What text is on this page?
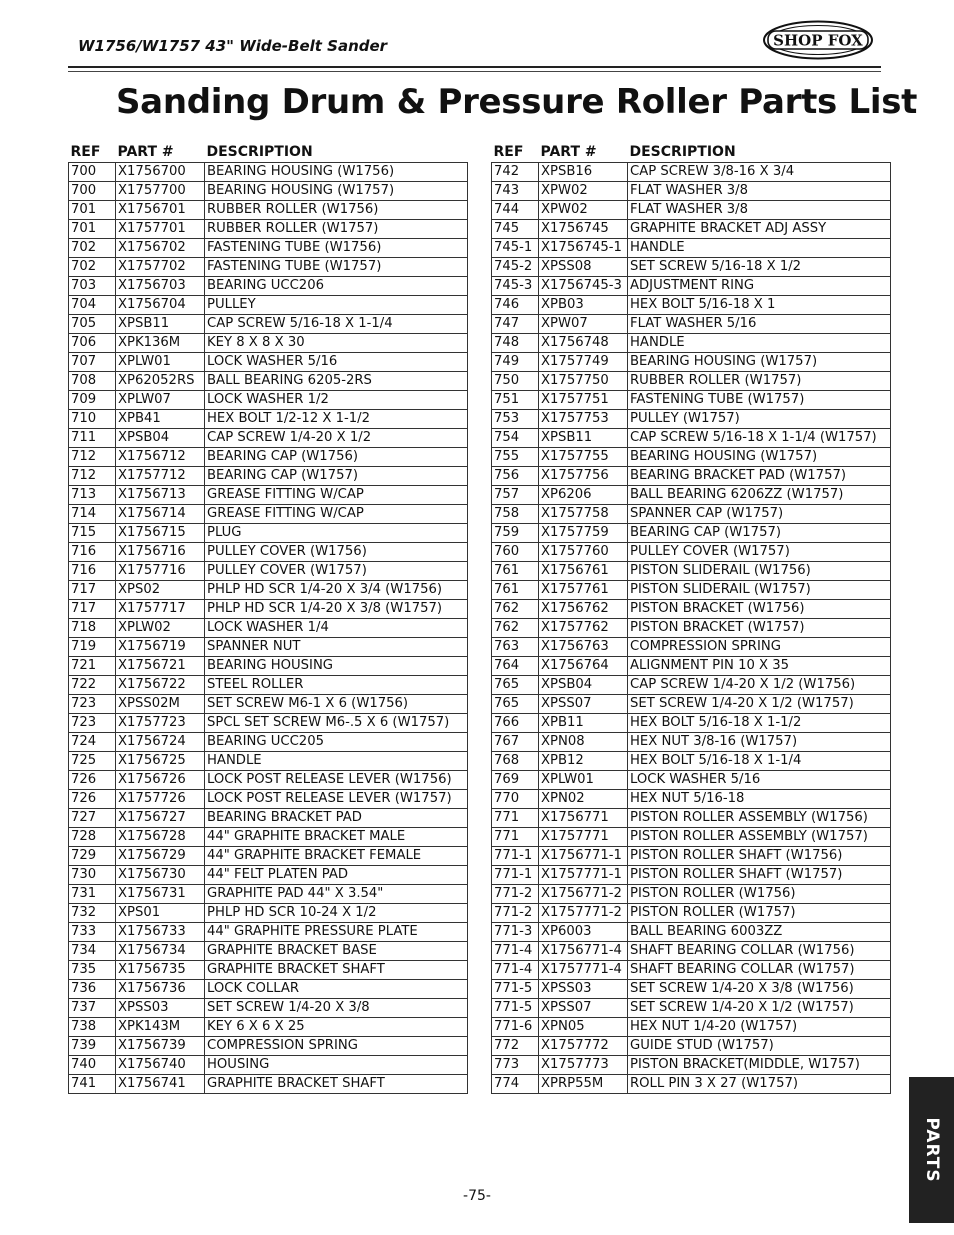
W1756/W1757 43" Wide-Belt Sander	SHOP FOX
Sanding Drum & Pressure Roller Parts List
REF	PART #	DESCRIPTION
700	X1756700	BEARING HOUSING (W1756)
700	X1757700	BEARING HOUSING (W1757)
701	X1756701	RUBBER ROLLER (W1756)
701	X1757701	RUBBER ROLLER (W1757)
702	X1756702	FASTENING TUBE (W1756)
702	X1757702	FASTENING TUBE (W1757)
703	X1756703	BEARING UCC206
704	X1756704	PULLEY
705	XPSB11	CAP SCREW 5/16-18 X 1-1/4
706	XPK136M	KEY 8 X 8 X 30
707	XPLW01	LOCK WASHER 5/16
708	XP62052RS	BALL BEARING 6205-2RS
709	XPLW07	LOCK WASHER 1/2
710	XPB41	HEX BOLT 1/2-12 X 1-1/2
711	XPSB04	CAP SCREW 1/4-20 X 1/2
712	X1756712	BEARING CAP (W1756)
712	X1757712	BEARING CAP (W1757)
713	X1756713	GREASE FITTING W/CAP
714	X1756714	GREASE FITTING W/CAP
715	X1756715	PLUG
716	X1756716	PULLEY COVER (W1756)
716	X1757716	PULLEY COVER (W1757)
717	XPS02	PHLP HD SCR 1/4-20 X 3/4 (W1756)
717	X1757717	PHLP HD SCR 1/4-20 X 3/8 (W1757)
718	XPLW02	LOCK WASHER 1/4
719	X1756719	SPANNER NUT
721	X1756721	BEARING HOUSING
722	X1756722	STEEL ROLLER
723	XPSS02M	SET SCREW M6-1 X 6 (W1756)
723	X1757723	SPCL SET SCREW M6-.5 X 6 (W1757)
724	X1756724	BEARING UCC205
725	X1756725	HANDLE
726	X1756726	LOCK POST RELEASE LEVER (W1756)
726	X1757726	LOCK POST RELEASE LEVER (W1757)
727	X1756727	BEARING BRACKET PAD
728	X1756728	44" GRAPHITE BRACKET MALE
729	X1756729	44" GRAPHITE BRACKET FEMALE
730	X1756730	44" FELT PLATEN PAD
731	X1756731	GRAPHITE PAD 44" X 3.54"
732	XPS01	PHLP HD SCR 10-24 X 1/2
733	X1756733	44" GRAPHITE PRESSURE PLATE
734	X1756734	GRAPHITE BRACKET BASE
735	X1756735	GRAPHITE BRACKET SHAFT
736	X1756736	LOCK COLLAR
737	XPSS03	SET SCREW 1/4-20 X 3/8
738	XPK143M	KEY 6 X 6 X 25
739	X1756739	COMPRESSION SPRING
740	X1756740	HOUSING
741	X1756741	GRAPHITE BRACKET SHAFT
REF	PART #	DESCRIPTION
742	XPSB16	CAP SCREW 3/8-16 X 3/4
743	XPW02	FLAT WASHER 3/8
744	XPW02	FLAT WASHER 3/8
745	X1756745	GRAPHITE BRACKET ADJ ASSY
745-1	X1756745-1	HANDLE
745-2	XPSS08	SET SCREW 5/16-18 X 1/2
745-3	X1756745-3	ADJUSTMENT RING
746	XPB03	HEX BOLT 5/16-18 X 1
747	XPW07	FLAT WASHER 5/16
748	X1756748	HANDLE
749	X1757749	BEARING HOUSING (W1757)
750	X1757750	RUBBER ROLLER (W1757)
751	X1757751	FASTENING TUBE (W1757)
753	X1757753	PULLEY (W1757)
754	XPSB11	CAP SCREW 5/16-18 X 1-1/4 (W1757)
755	X1757755	BEARING HOUSING (W1757)
756	X1757756	BEARING BRACKET PAD (W1757)
757	XP6206	BALL BEARING 6206ZZ (W1757)
758	X1757758	SPANNER CAP (W1757)
759	X1757759	BEARING CAP (W1757)
760	X1757760	PULLEY COVER (W1757)
761	X1756761	PISTON SLIDERAIL (W1756)
761	X1757761	PISTON SLIDERAIL (W1757)
762	X1756762	PISTON BRACKET (W1756)
762	X1757762	PISTON BRACKET (W1757)
763	X1756763	COMPRESSION SPRING
764	X1756764	ALIGNMENT PIN 10 X 35
765	XPSB04	CAP SCREW 1/4-20 X 1/2 (W1756)
765	XPSS07	SET SCREW 1/4-20 X 1/2 (W1757)
766	XPB11	HEX BOLT 5/16-18 X 1-1/2
767	XPN08	HEX NUT 3/8-16 (W1757)
768	XPB12	HEX BOLT 5/16-18 X 1-1/4
769	XPLW01	LOCK WASHER 5/16
770	XPN02	HEX NUT 5/16-18
771	X1756771	PISTON ROLLER ASSEMBLY (W1756)
771	X1757771	PISTON ROLLER ASSEMBLY (W1757)
771-1	X1756771-1	PISTON ROLLER SHAFT (W1756)
771-1	X1757771-1	PISTON ROLLER SHAFT (W1757)
771-2	X1756771-2	PISTON ROLLER (W1756)
771-2	X1757771-2	PISTON ROLLER (W1757)
771-3	XP6003	BALL BEARING 6003ZZ
771-4	X1756771-4	SHAFT BEARING COLLAR (W1756)
771-4	X1757771-4	SHAFT BEARING COLLAR (W1757)
771-5	XPSS03	SET SCREW 1/4-20 X 3/8 (W1756)
771-5	XPSS07	SET SCREW 1/4-20 X 1/2 (W1757)
771-6	XPN05	HEX NUT 1/4-20 (W1757)
772	X1757772	GUIDE STUD (W1757)
773	X1757773	PISTON BRACKET(MIDDLE, W1757)
774	XPRP55M	ROLL PIN 3 X 27 (W1757)
PARTS
-75-
